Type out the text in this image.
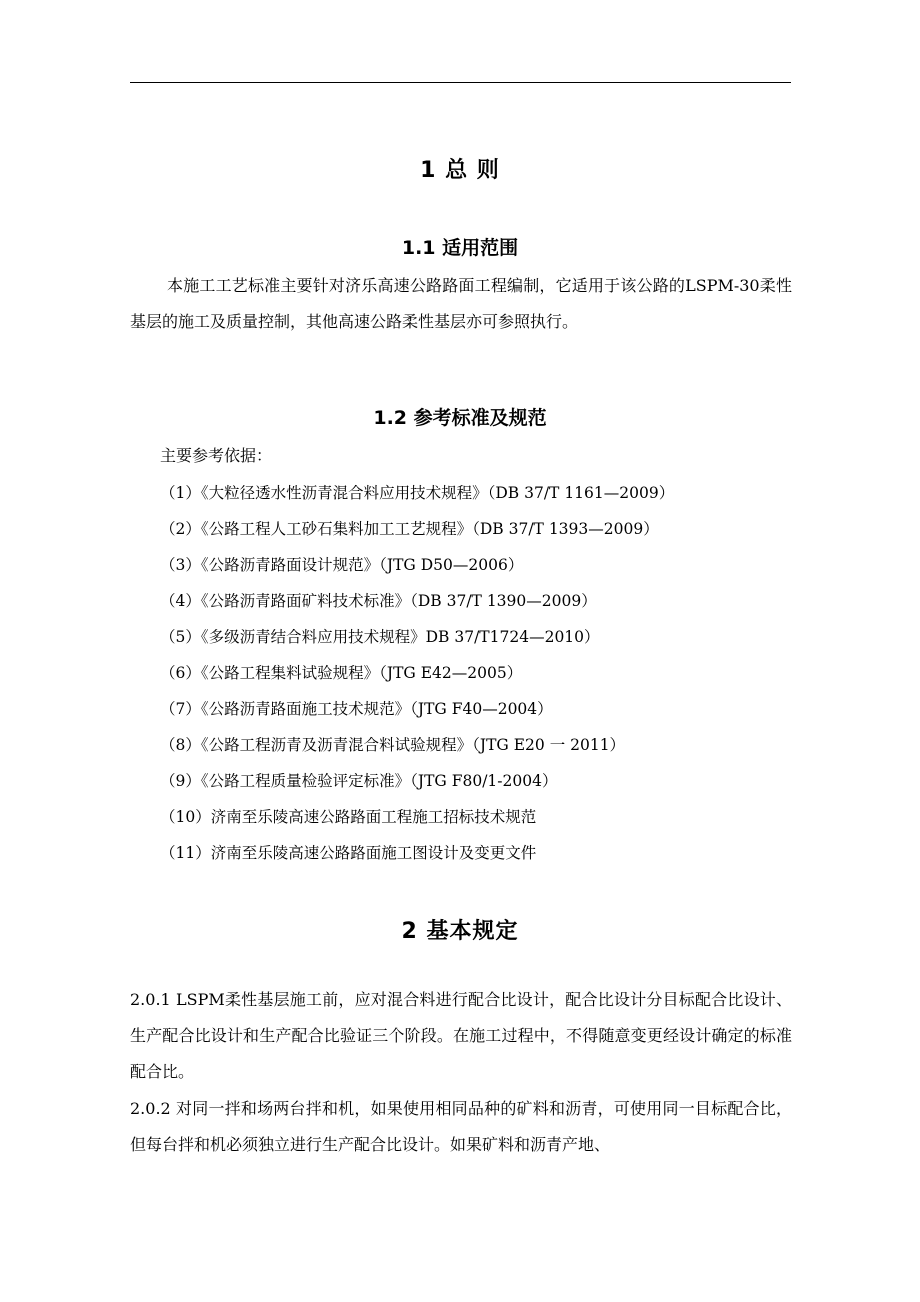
1 总 则
1.1 适用范围

本施工工艺标准主要针对济乐高速公路路面工程编制，它适用于该公路的LSPM-30柔性基层的施工及质量控制，其他高速公路柔性基层亦可参照执行。

1.2 参考标准及规范
主要参考依据：
（1）《大粒径透水性沥青混合料应用技术规程》（DB 37/T 1161—2009）
（2）《公路工程人工砂石集料加工工艺规程》（DB 37/T 1393—2009）
（3）《公路沥青路面设计规范》（JTG D50—2006）
（4）《公路沥青路面矿料技术标准》（DB 37/T 1390—2009）
（5）《多级沥青结合料应用技术规程》DB 37/T1724—2010）
（6）《公路工程集料试验规程》（JTG E42—2005）
（7）《公路沥青路面施工技术规范》（JTG F40—2004）
（8）《公路工程沥青及沥青混合料试验规程》（JTG E20 一 2011）
（9）《公路工程质量检验评定标准》（JTG F80/1-2004）
（10）济南至乐陵高速公路路面工程施工招标技术规范
（11）济南至乐陵高速公路路面施工图设计及变更文件
2 基本规定

2.0.1 LSPM柔性基层施工前，应对混合料进行配合比设计，配合比设计分目标配合比设计、生产配合比设计和生产配合比验证三个阶段。在施工过程中，不得随意变更经设计确定的标准配合比。

2.0.2 对同一拌和场两台拌和机，如果使用相同品种的矿料和沥青，可使用同一目标配合比，但每台拌和机必须独立进行生产配合比设计。如果矿料和沥青产地、
